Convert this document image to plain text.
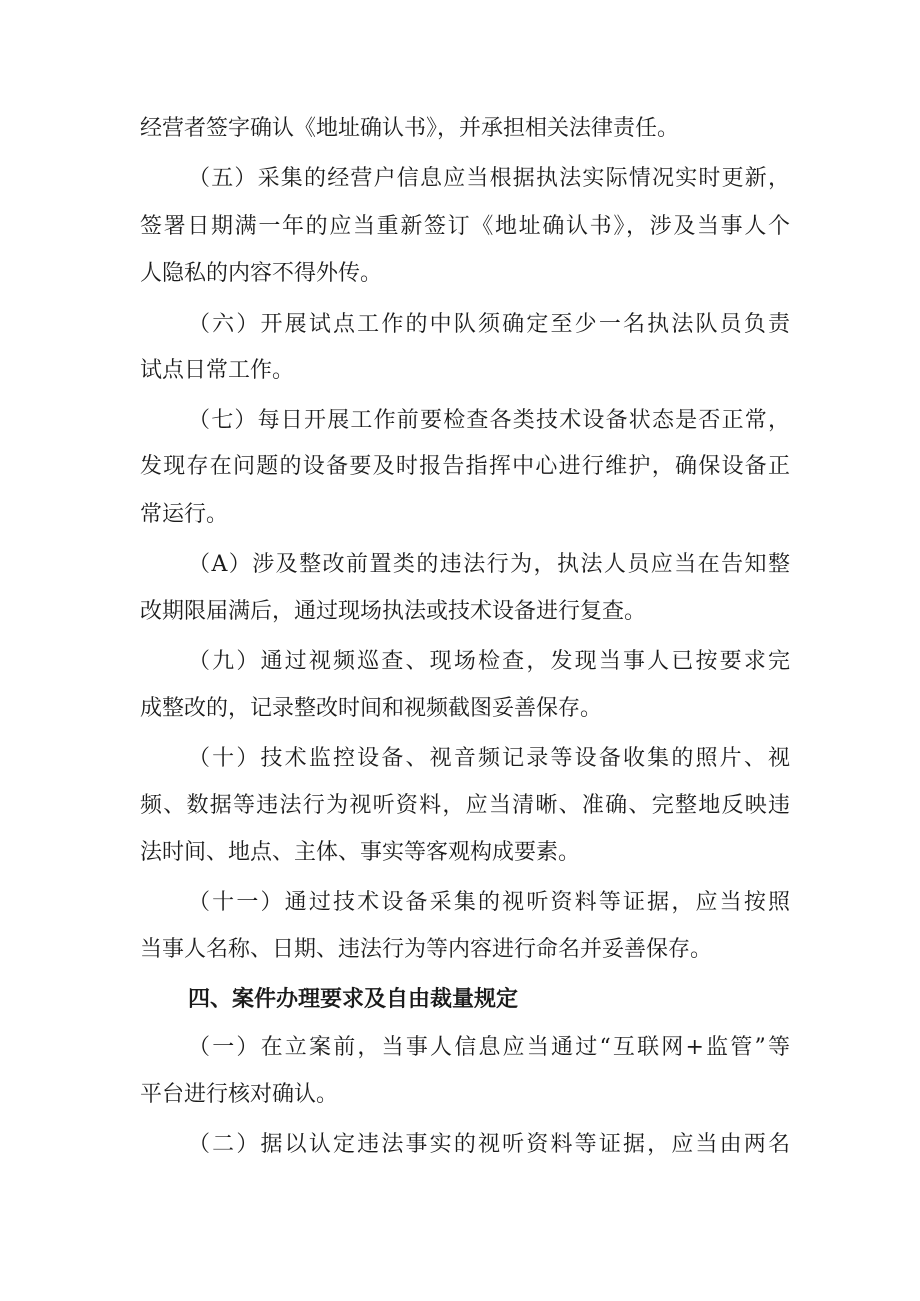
经营者签字确认《地址确认书》，并承担相关法律责任。
（五）采集的经营户信息应当根据执法实际情况实时更新，
签署日期满一年的应当重新签订《地址确认书》，涉及当事人个
人隐私的内容不得外传。
（六）开展试点工作的中队须确定至少一名执法队员负责
试点日常工作。
（七）每日开展工作前要检查各类技术设备状态是否正常，
发现存在问题的设备要及时报告指挥中心进行维护，确保设备正
常运行。
（A）涉及整改前置类的违法行为，执法人员应当在告知整
改期限届满后，通过现场执法或技术设备进行复查。
（九）通过视频巡查、现场检查，发现当事人已按要求完
成整改的，记录整改时间和视频截图妥善保存。
（十）技术监控设备、视音频记录等设备收集的照片、视
频、数据等违法行为视听资料，应当清晰、准确、完整地反映违
法时间、地点、主体、事实等客观构成要素。
（十一）通过技术设备采集的视听资料等证据，应当按照
当事人名称、日期、违法行为等内容进行命名并妥善保存。
四、案件办理要求及自由裁量规定
（一）在立案前，当事人信息应当通过“互联网+监管”等
平台进行核对确认。
（二）据以认定违法事实的视听资料等证据，应当由两名
